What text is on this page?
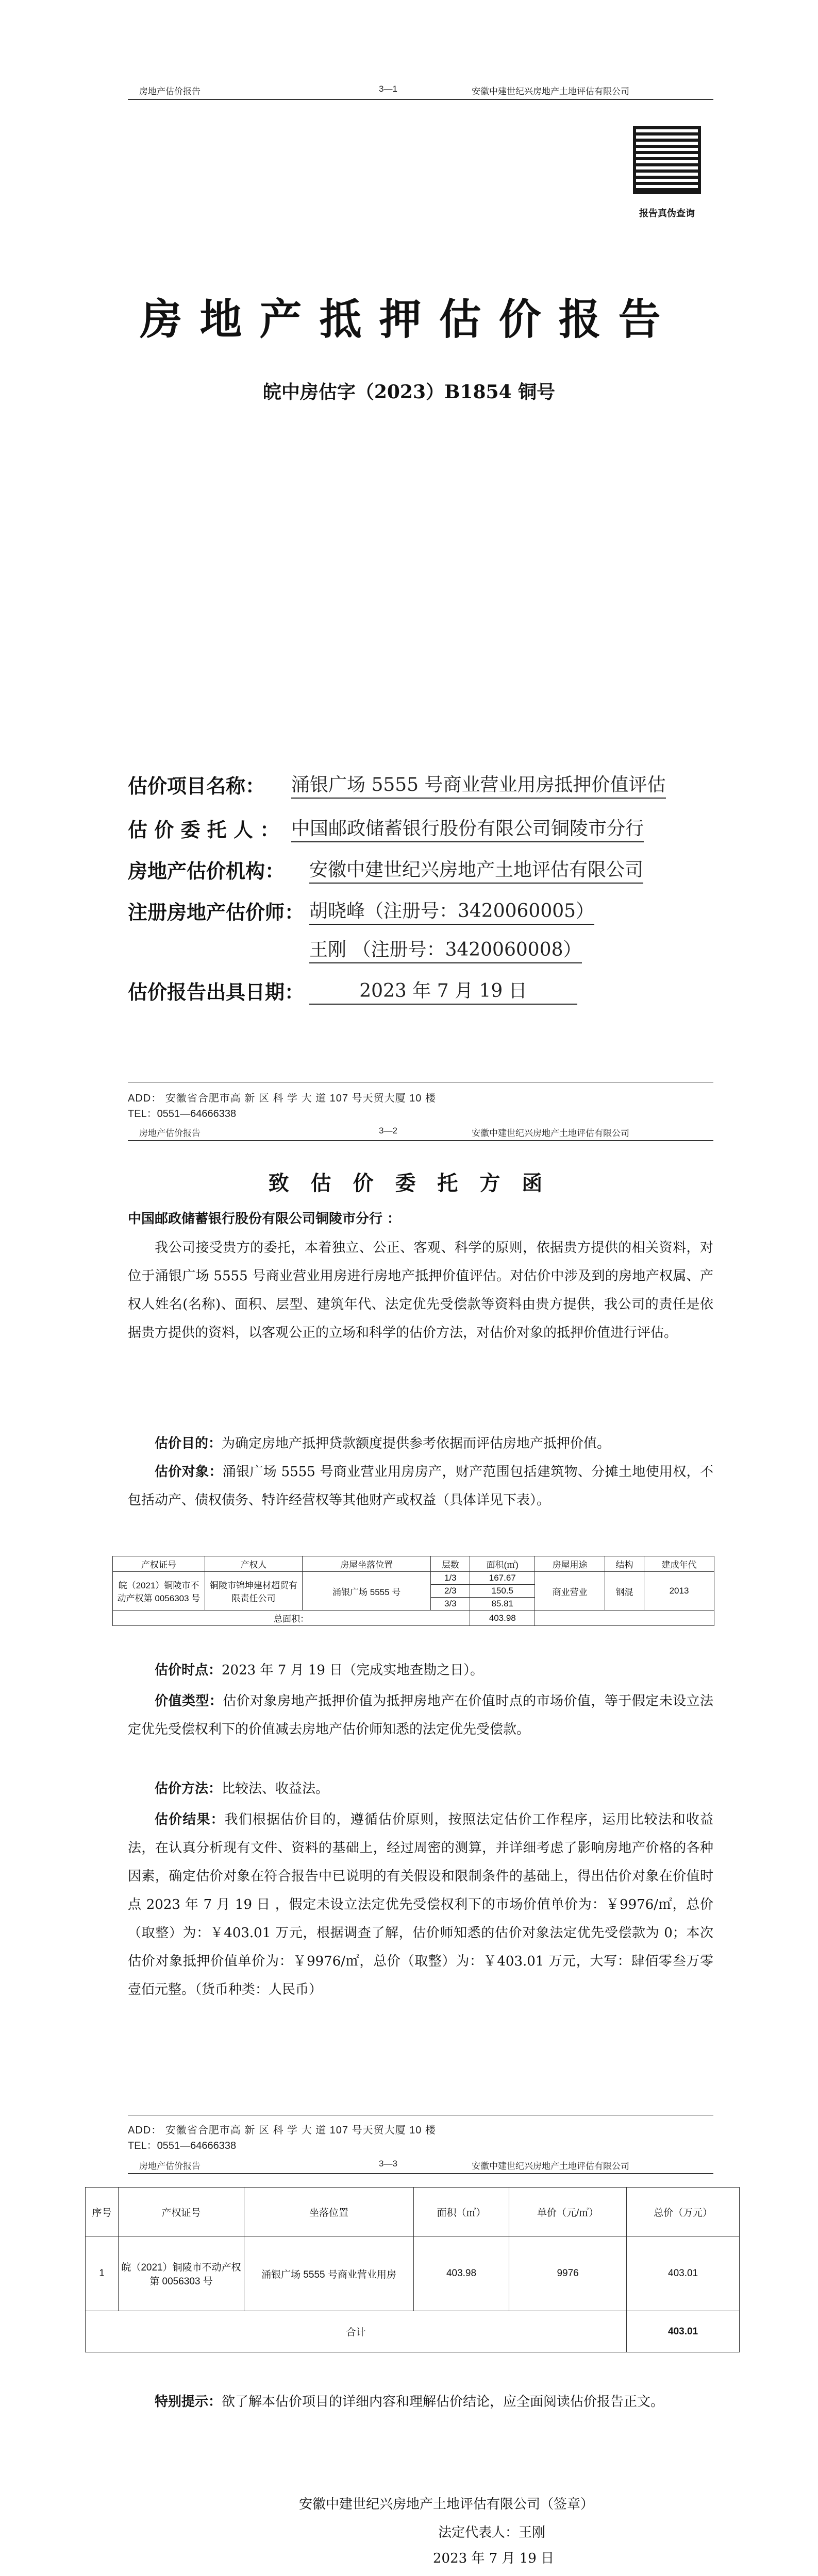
房地产估价报告	3—1	安徽中建世纪兴房地产土地评估有限公司
报告真伪查询
房地产抵押估价报告
皖中房估字（2023）B1854 铜号
估价项目名称： 涌银广场 5555 号商业营业用房抵押价值评估
估 价 委 托 人 ： 中国邮政储蓄银行股份有限公司铜陵市分行
房地产估价机构： 安徽中建世纪兴房地产土地评估有限公司
注册房地产估价师： 胡晓峰（注册号：3420060005）
王刚 （注册号：3420060008）
估价报告出具日期：	2023 年 7 月 19 日
ADD： 安徽省合肥市高 新 区 科 学 大 道 107 号天贸大厦 10 楼
TEL：0551—64666338
房地产估价报告	3—2	安徽中建世纪兴房地产土地评估有限公司
致 估 价 委 托 方 函
中国邮政储蓄银行股份有限公司铜陵市分行 ：
我公司接受贵方的委托，本着独立、公正、客观、科学的原则，依据贵方提供的相关资料，对位于涌银广场 5555 号商业营业用房进行房地产抵押价值评估。对估价中涉及到的房地产权属、产权人姓名(名称)、面积、层型、建筑年代、法定优先受偿款等资料由贵方提供，我公司的责任是依据贵方提供的资料，以客观公正的立场和科学的估价方法，对估价对象的抵押价值进行评估。
估价目的：为确定房地产抵押贷款额度提供参考依据而评估房地产抵押价值。
估价对象：涌银广场 5555 号商业营业用房房产，财产范围包括建筑物、分摊土地使用权，不包括动产、债权债务、特许经营权等其他财产或权益（具体详见下表）。
产权证号	产权人	房屋坐落位置	层数	面积(㎡)	房屋用途	结构	建成年代
皖（2021）铜陵市不动产权第 0056303 号	铜陵市锦坤建材超贸有限责任公司	涌银广场 5555 号	1/3	167.67	商业营业	钢混	2013
			2/3	150.5			
			3/3	85.81			
总面积：				403.98			
估价时点：2023 年 7 月 19 日（完成实地查勘之日）。
价值类型：估价对象房地产抵押价值为抵押房地产在价值时点的市场价值，等于假定未设立法定优先受偿权利下的价值减去房地产估价师知悉的法定优先受偿款。
估价方法：比较法、收益法。
估价结果：我们根据估价目的，遵循估价原则，按照法定估价工作程序，运用比较法和收益法，在认真分析现有文件、资料的基础上，经过周密的测算，并详细考虑了影响房地产价格的各种因素，确定估价对象在符合报告中已说明的有关假设和限制条件的基础上，得出估价对象在价值时点 2023 年 7 月 19 日 ，假定未设立法定优先受偿权利下的市场价值单价为：￥9976/㎡，总价（取整）为：￥403.01 万元，根据调查了解，估价师知悉的估价对象法定优先受偿款为 0；本次估价对象抵押价值单价为：￥9976/㎡，总价（取整）为：￥403.01 万元，大写：肆佰零叁万零壹佰元整。（货币种类：人民币）
ADD： 安徽省合肥市高 新 区 科 学 大 道 107 号天贸大厦 10 楼
TEL：0551—64666338
房地产估价报告	3—3	安徽中建世纪兴房地产土地评估有限公司
序号	产权证号	坐落位置	面积（㎡）	单价（元/㎡）	总价（万元）
1	皖（2021）铜陵市不动产权第 0056303 号	涌银广场 5555 号商业营业用房	403.98	9976	403.01
合计					403.01
特别提示：欲了解本估价项目的详细内容和理解估价结论，应全面阅读估价报告正文。
安徽中建世纪兴房地产土地评估有限公司（签章）
法定代表人：王刚
2023 年 7 月 19 日
